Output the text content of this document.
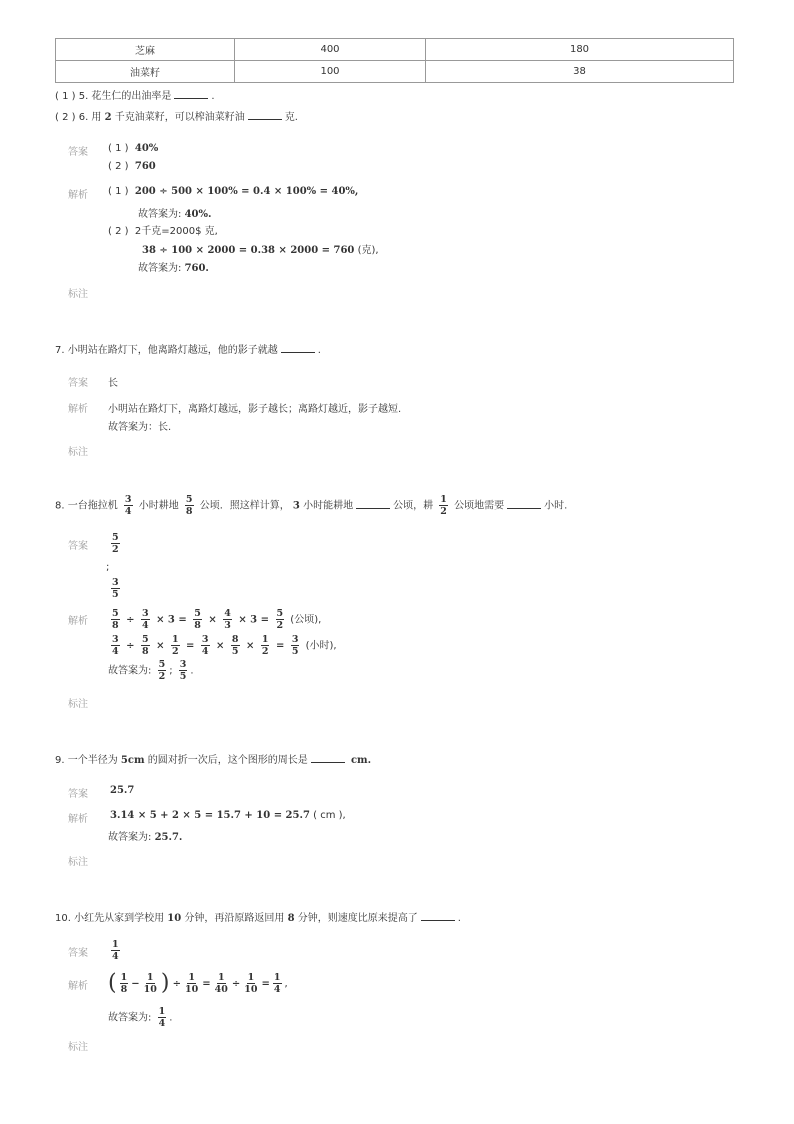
芝麻	400	180
油菜籽	100	38
( 1 ) 5. 花生仁的出油率是	.
( 2 ) 6. 用 2 千克油菜籽，可以榨油菜籽油	克.
答案 ( 1 ) 40%
( 2 ) 760
解析 ( 1 ) 200 ÷ 500 × 100% = 0.4 × 100% = 40%,
故答案为: 40%.
( 2 ) 2千克=2000$ 克,
38 ÷ 100 × 2000 = 0.38 × 2000 = 760 (克),
故答案为: 760.
标注
7. 小明站在路灯下，他离路灯越远，他的影子就越	.
答案 长
解析 小明站在路灯下，离路灯越远，影子越长；离路灯越近，影子越短.
故答案为：长.
标注
8. 一台拖拉机 $\frac{3}{4}$ 小时耕地 $\frac{5}{8}$ 公顷．照这样计算， 3 小时能耕地	公顷，耕 $\frac{1}{2}$ 公顷地需要	小时.
答案 $\frac{5}{2}$
;
$\frac{3}{5}$
解析 $\frac{5}{8} \div \frac{3}{4} \times 3 = \frac{5}{8} \times \frac{4}{3} \times 3 = \frac{5}{2}$ (公顷),
$\frac{3}{4} \div \frac{5}{8} \times \frac{1}{2} = \frac{3}{4} \times \frac{8}{5} \times \frac{1}{2} = \frac{3}{5}$ (小时),
故答案为: $\frac{5}{2}$ ; $\frac{3}{5}$ .
标注
9. 一个半径为 5cm 的圆对折一次后，这个图形的周长是	cm.
答案 25.7
解析 3.14 × 5 + 2 × 5 = 15.7 + 10 = 25.7 ( cm ),
故答案为: 25.7.
标注
10. 小红先从家到学校用 10 分钟，再沿原路返回用 8 分钟，则速度比原来提高了	.
答案 $\frac{1}{4}$
解析 ( $\frac{1}{8} - \frac{1}{10}$ ) ÷ $\frac{1}{10} = \frac{1}{40} \div \frac{1}{10} = \frac{1}{4}$ ,
故答案为: $\frac{1}{4}$ .
标注
